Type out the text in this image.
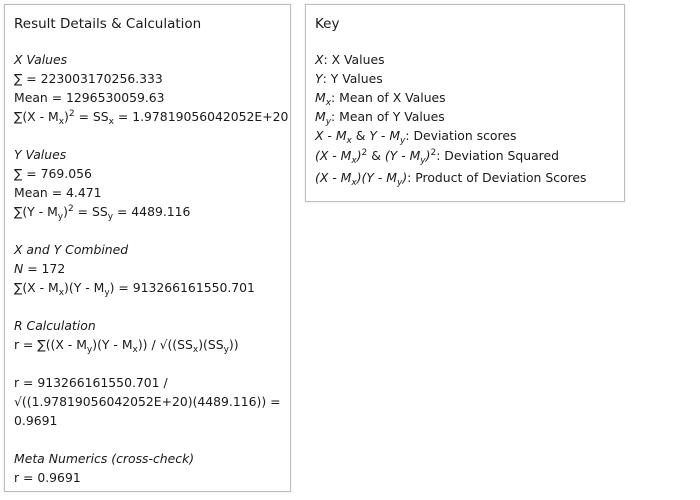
Result Details & Calculation
X Values
∑ = 223003170256.333
Mean = 1296530059.63
$\sum(X - M_x)^2 = SS_x = 1.97819056042052E+20$
Y Values
∑ = 769.056
Mean = 4.471
$\sum(Y - M_y)^2 = SS_y = 4489.116$
X and Y Combined
N = 172
$\sum(X - M_x)(Y - M_y) = 913266161550.701$
R Calculation
$r = \sum((X - M_y)(Y - M_x)) / √((SS_x)(SS_y))$
r = 913266161550.701 /
√((1.97819056042052E+20)(4489.116)) =
0.9691
Meta Numerics (cross-check)
r = 0.9691
Key
X: X Values
Y: Y Values
$M_x$: Mean of X Values
$M_y$: Mean of Y Values
X - $M_x$ & Y - $M_y$: Deviation scores
$(X - M_x)^2$ & $(Y - M_y)^2$: Deviation Squared
$(X - M_x)(Y - M_y)$: Product of Deviation Scores
